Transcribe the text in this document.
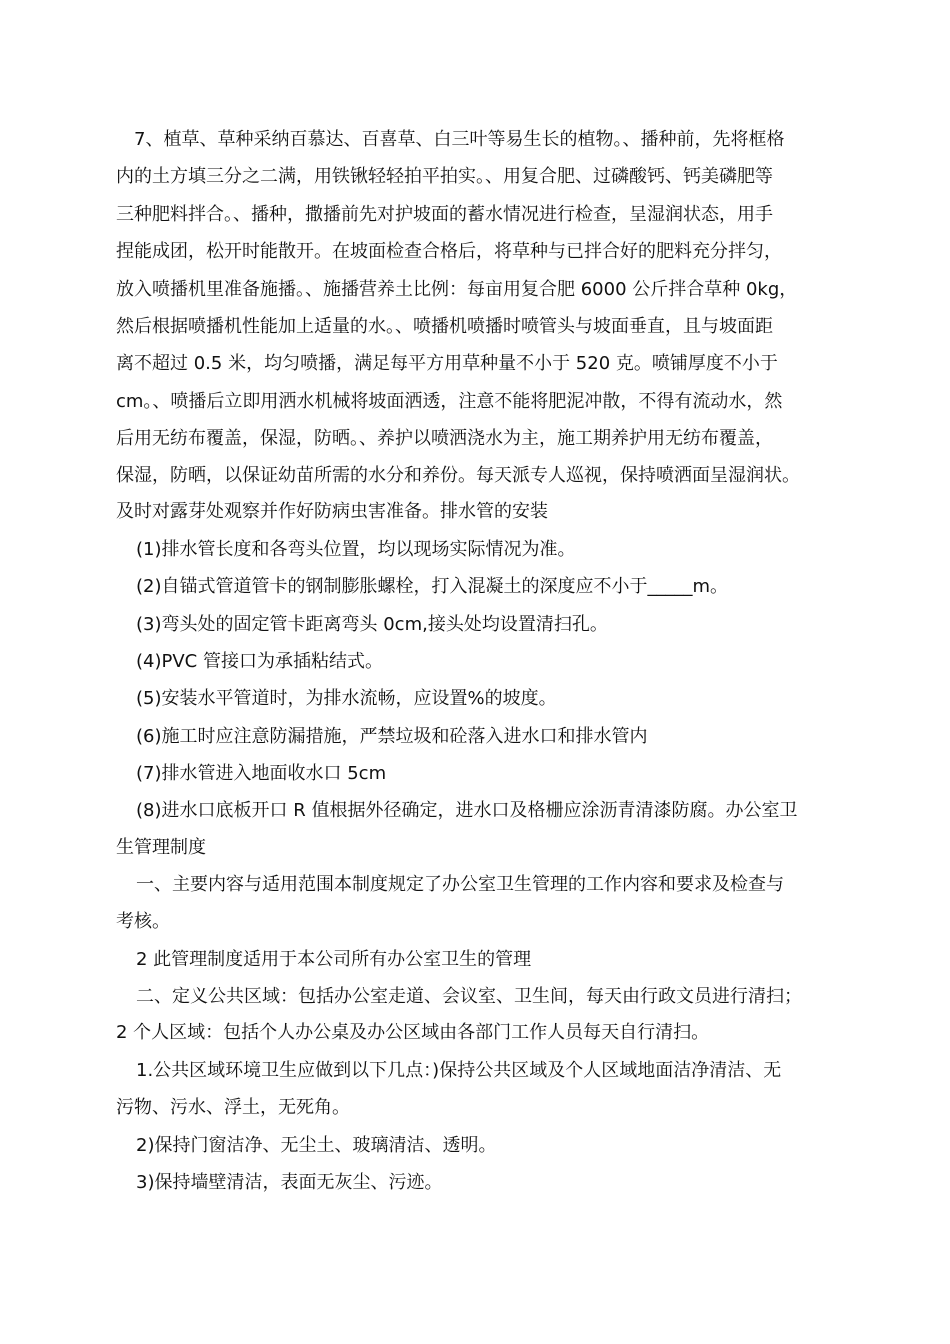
7、植草、草种采纳百慕达、百喜草、白三叶等易生长的植物。、播种前，先将框格
内的土方填三分之二满，用铁锹轻轻拍平拍实。、用复合肥、过磷酸钙、钙美磷肥等
三种肥料拌合。、播种，撒播前先对护坡面的蓄水情况进行检查，呈湿润状态，用手
捏能成团，松开时能散开。在坡面检查合格后，将草种与已拌合好的肥料充分拌匀，
放入喷播机里准备施播。、施播营养土比例：每亩用复合肥 6000 公斤拌合草种 0kg，
然后根据喷播机性能加上适量的水。、喷播机喷播时喷管头与坡面垂直，且与坡面距
离不超过 0.5 米，均匀喷播，满足每平方用草种量不小于 520 克。喷铺厚度不小于
cm。、喷播后立即用洒水机械将坡面洒透，注意不能将肥泥冲散，不得有流动水，然
后用无纺布覆盖，保湿，防晒。、养护以喷洒浇水为主，施工期养护用无纺布覆盖，
保湿，防晒，以保证幼苗所需的水分和养份。每天派专人巡视，保持喷洒面呈湿润状。
及时对露芽处观察并作好防病虫害准备。排水管的安装
(1)排水管长度和各弯头位置，均以现场实际情况为准。
(2)自锚式管道管卡的钢制膨胀螺栓，打入混凝土的深度应不小于_____m。
(3)弯头处的固定管卡距离弯头 0cm,接头处均设置清扫孔。
(4)PVC 管接口为承插粘结式。
(5)安装水平管道时，为排水流畅，应设置%的坡度。
(6)施工时应注意防漏措施，严禁垃圾和砼落入进水口和排水管内
(7)排水管进入地面收水口 5cm
(8)进水口底板开口 R 值根据外径确定，进水口及格栅应涂沥青清漆防腐。办公室卫
生管理制度
一、主要内容与适用范围本制度规定了办公室卫生管理的工作内容和要求及检查与
考核。
2 此管理制度适用于本公司所有办公室卫生的管理
二、定义公共区域：包括办公室走道、会议室、卫生间，每天由行政文员进行清扫；
2 个人区域：包括个人办公桌及办公区域由各部门工作人员每天自行清扫。
1.公共区域环境卫生应做到以下几点：)保持公共区域及个人区域地面洁净清洁、无
污物、污水、浮土，无死角。
2)保持门窗洁净、无尘土、玻璃清洁、透明。
3)保持墙壁清洁，表面无灰尘、污迹。
